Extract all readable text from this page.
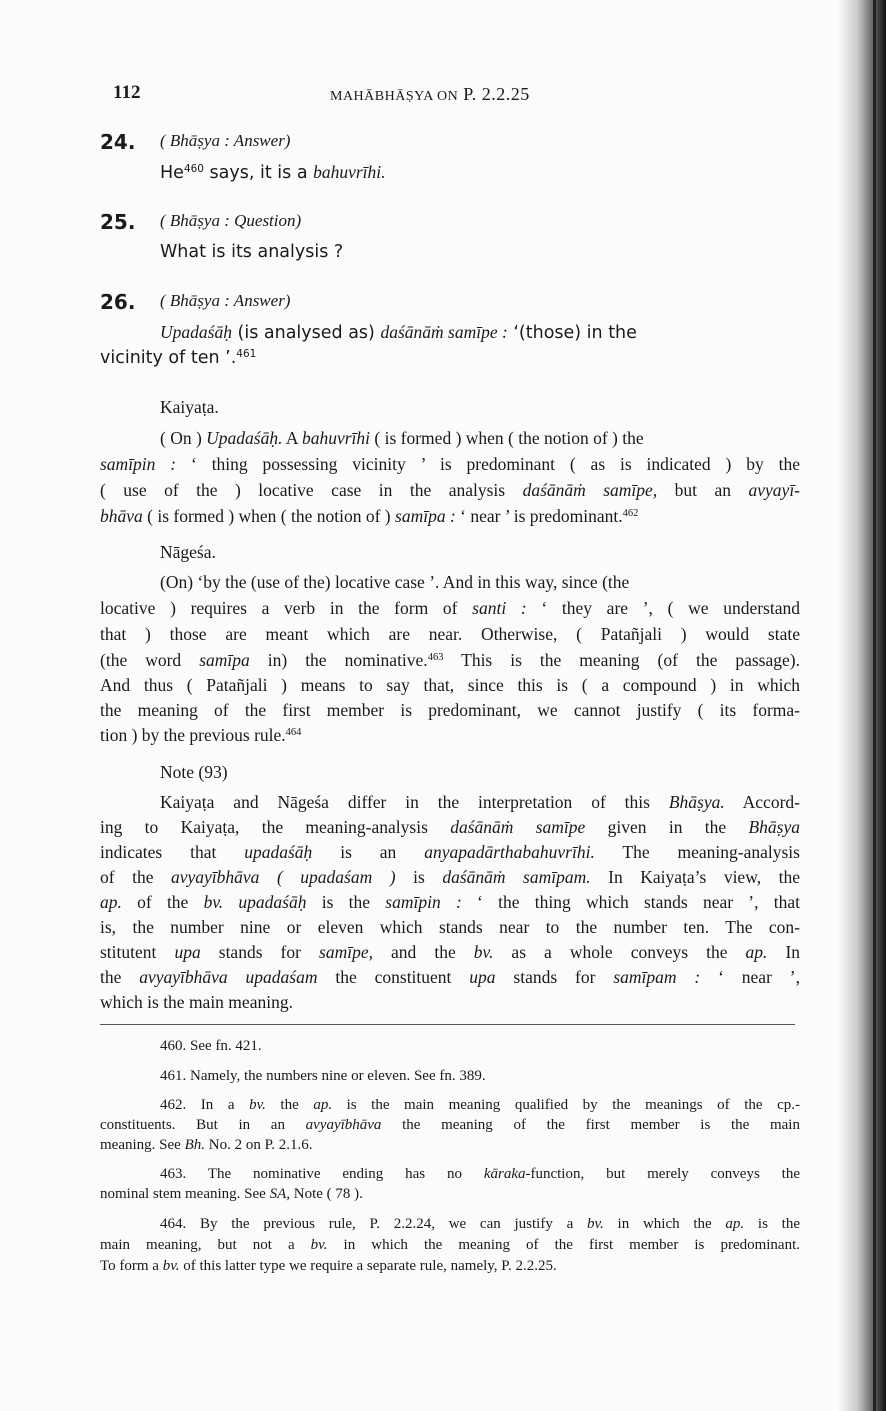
112	MAHĀBHĀṢYA ON P. 2.2.25
24. ( Bhāṣya : Answer)
He$^{460}$ says, it is a bahuvrīhi.
25. ( Bhāṣya : Question)
What is its analysis ?
26. ( Bhāṣya : Answer)
Upadaśāḥ (is analysed as) daśānāṁ samīpe : ‘(those) in the
vicinity of ten ’.$^{461}$
Kaiyaṭa.
( On ) Upadaśāḥ. A bahuvrīhi ( is formed ) when ( the notion of ) the
samīpin : ‘ thing possessing vicinity ’ is predominant ( as is indicated ) by the
( use of the ) locative case in the analysis daśānāṁ samīpe, but an avyayī-
bhāva ( is formed ) when ( the notion of ) samīpa : ‘ near ’ is predominant.$^{462}$
Nāgeśa.
(On) ‘by the (use of the) locative case ’. And in this way, since (the
locative ) requires a verb in the form of santi : ‘ they are ’, ( we understand
that ) those are meant which are near. Otherwise, ( Patañjali ) would state
(the word samīpa in) the nominative.$^{463}$ This is the meaning (of the passage).
And thus ( Patañjali ) means to say that, since this is ( a compound ) in which
the meaning of the first member is predominant, we cannot justify ( its forma-
tion ) by the previous rule.$^{464}$
Note (93)
Kaiyaṭa and Nāgeśa differ in the interpretation of this Bhāṣya. Accord-
ing to Kaiyaṭa, the meaning-analysis daśānāṁ samīpe given in the Bhāṣya
indicates that upadaśāḥ is an anyapadārthabahuvrīhi. The meaning-analysis
of the avyayībhāva ( upadaśam ) is daśānāṁ samīpam. In Kaiyaṭa’s view, the
ap. of the bv. upadaśāḥ is the samīpin : ‘ the thing which stands near ’, that
is, the number nine or eleven which stands near to the number ten. The con-
stitutent upa stands for samīpe, and the bv. as a whole conveys the ap. In
the avyayībhāva upadaśam the constituent upa stands for samīpam : ‘ near ’,
which is the main meaning.
460. See fn. 421.
461. Namely, the numbers nine or eleven. See fn. 389.
462. In a bv. the ap. is the main meaning qualified by the meanings of the cp.-
constituents. But in an avyayībhāva the meaning of the first member is the main
meaning. See Bh. No. 2 on P. 2.1.6.
463. The nominative ending has no kāraka-function, but merely conveys the
nominal stem meaning. See SA, Note ( 78 ).
464. By the previous rule, P. 2.2.24, we can justify a bv. in which the ap. is the
main meaning, but not a bv. in which the meaning of the first member is predominant.
To form a bv. of this latter type we require a separate rule, namely, P. 2.2.25.
